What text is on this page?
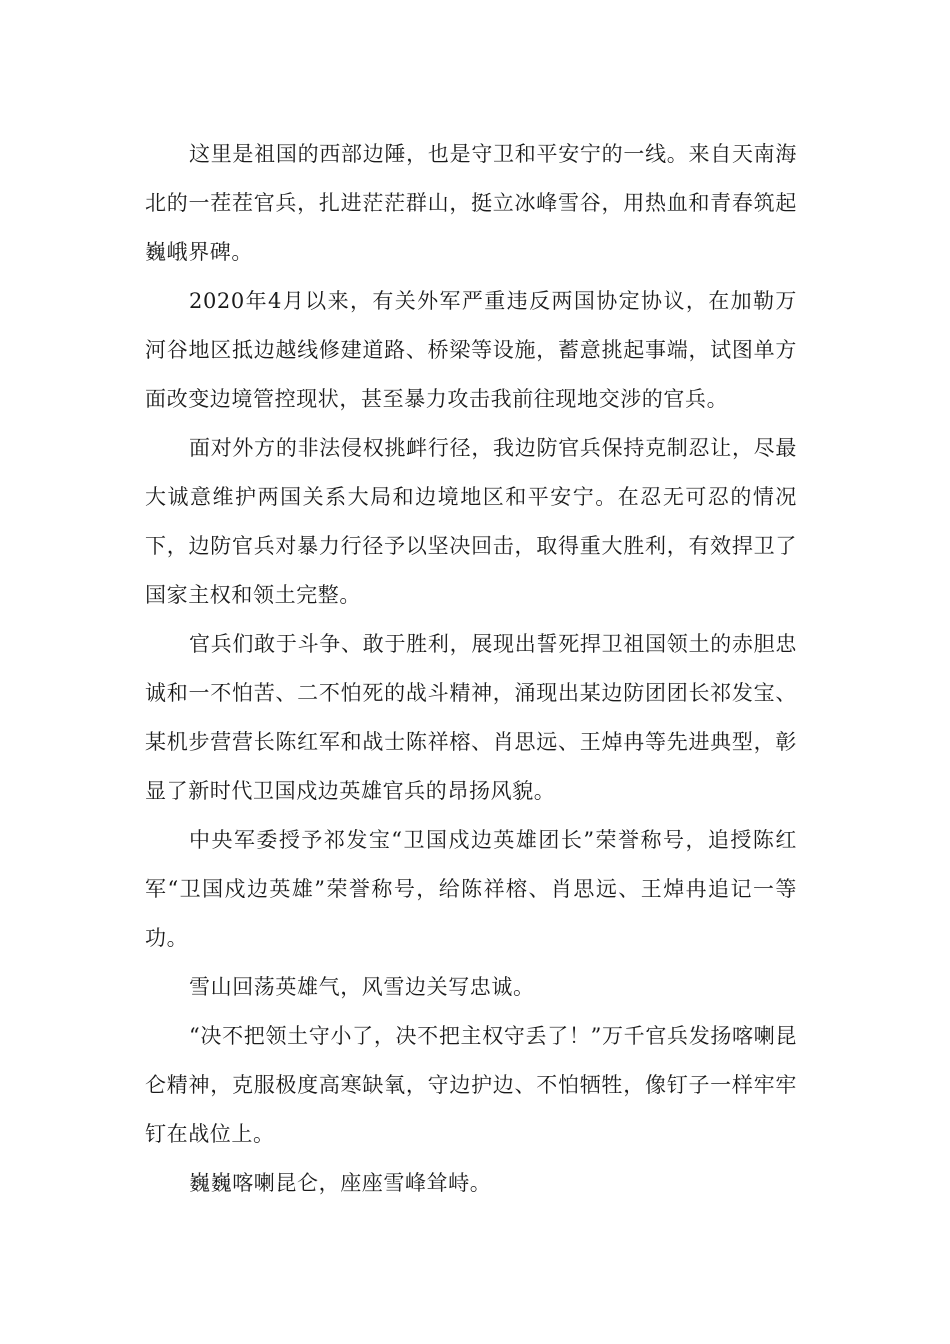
这里是祖国的西部边陲，也是守卫和平安宁的一线。来自天南海北的一茬茬官兵，扎进茫茫群山，挺立冰峰雪谷，用热血和青春筑起巍峨界碑。

2020年4月以来，有关外军严重违反两国协定协议，在加勒万河谷地区抵边越线修建道路、桥梁等设施，蓄意挑起事端，试图单方面改变边境管控现状，甚至暴力攻击我前往现地交涉的官兵。

面对外方的非法侵权挑衅行径，我边防官兵保持克制忍让，尽最大诚意维护两国关系大局和边境地区和平安宁。在忍无可忍的情况下，边防官兵对暴力行径予以坚决回击，取得重大胜利，有效捍卫了国家主权和领土完整。

官兵们敢于斗争、敢于胜利，展现出誓死捍卫祖国领土的赤胆忠诚和一不怕苦、二不怕死的战斗精神，涌现出某边防团团长祁发宝、某机步营营长陈红军和战士陈祥榕、肖思远、王焯冉等先进典型，彰显了新时代卫国戍边英雄官兵的昂扬风貌。

中央军委授予祁发宝“卫国戍边英雄团长”荣誉称号，追授陈红军“卫国戍边英雄”荣誉称号，给陈祥榕、肖思远、王焯冉追记一等功。

雪山回荡英雄气，风雪边关写忠诚。

“决不把领土守小了，决不把主权守丢了！”万千官兵发扬喀喇昆仑精神，克服极度高寒缺氧，守边护边、不怕牺牲，像钉子一样牢牢钉在战位上。

巍巍喀喇昆仑，座座雪峰耸峙。
